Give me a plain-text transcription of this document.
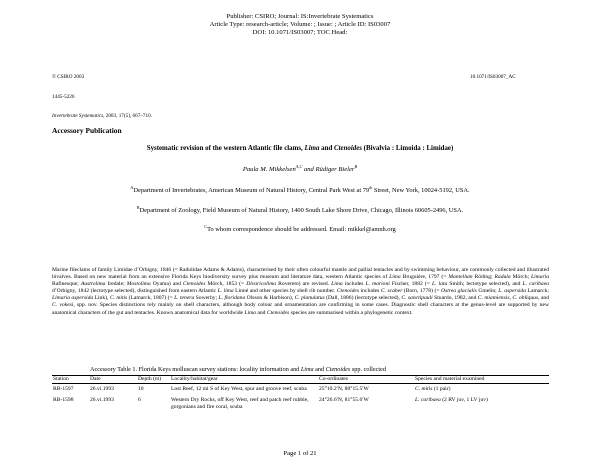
Publisher: CSIRO; Journal: IS:Invertebrate Systematics
Article Type: research-article; Volume: ; Issue: ; Article ID: IS03007
DOI: 10.1071/IS03007; TOC Head:
© CSIRO 2003	10.1071/IS03007_AC
1445-5226
Invertebrate Systematics, 2003, 17(5), 667–710.
Accessory Publication
Systematic revision of the western Atlantic file clams, Lima and Ctenoides (Bivalvia : Limoida : Limidae)
Paula M. Mikkelsen$^{A,C}$ and Rüdiger Bieler$^B$
$^A$Department of Invertebrates, American Museum of Natural History, Central Park West at 79th Street, New York, 10024-5192, USA.
$^B$Department of Zoology, Field Museum of Natural History, 1400 South Lake Shore Drive, Chicago, Illinois 60605-2496, USA.
$^C$To whom correspondence should be addressed. Email: mikkel@amnh.org
Marine fileclams of family Limidae d’Orbigny, 1846 (= Radulidae Adams & Adams), characterised by their often colourful mantle and pallial tentacles and by swimming behaviour, are commonly collected and illustrated bivalves. Based on new material from an extensive Florida Keys biodiversity survey plus museum and literature data, western Atlantic species of Lima Bruguière, 1797 (= Mantellum Röding; Radula Mörch; Limaria Rafinesque; Austrolima Iredale; Mostolima Oyama) and Ctenoides Mörch, 1853 (= Divaricolima Rovereto) are revised. Lima includes L. marioni Fischer, 1882 (= L. lata Smith; lectotype selected), and L. caribaea d’Orbigny, 1842 (lectotype selected), distinguished from eastern Atlantic L. lima Linné and other species by shell rib number. Ctenoides includes C. scaber (Born, 1778) (= Ostrea glacialis Gmelin; L. aspersida Lamarck; Limaria aspersida Link), C. mitis (Lamarck, 1807) (= L. tenera Sowerby; L. floridana Olsson & Harbison), C. planulatus (Dall, 1886) (lectotype selected), C. sanctipauli Stuardo, 1982, and C. miamiensis, C. obliquus, and C. vokesi, spp. nov. Species distinctions rely mainly on shell characters, although body colour and ornamentation are confirming in some cases. Diagnostic shell characters at the genus-level are supported by new anatomical characters of the gut and tentacles. Known anatomical data for worldwide Lima and Ctenoides species are summarised within a phylogenetic context.
Accessory Table 1. Florida Keys molluscan survey stations: locality information and Lima and Ctenoides spp. collected
Station	Date	Depth (m)	Locality/habitat/gear	Co-ordinates	Species and material examined
RB-1597	26.vi.1993	10	Lost Reef, 12 mi S of Key West, spur and groove reef, scuba	25°10.2′N, 80°15.5′W	C. mitis (1 pair)
RB-1598	26.vi.1993	6	Western Dry Rocks, off Key West, reef and patch reef rubble, gorgonians and fire coral, scuba	24°26.6′N, 81°55.6′W	L. caribaea (2 RV juv, 1 LV juv)
Page 1 of 21
